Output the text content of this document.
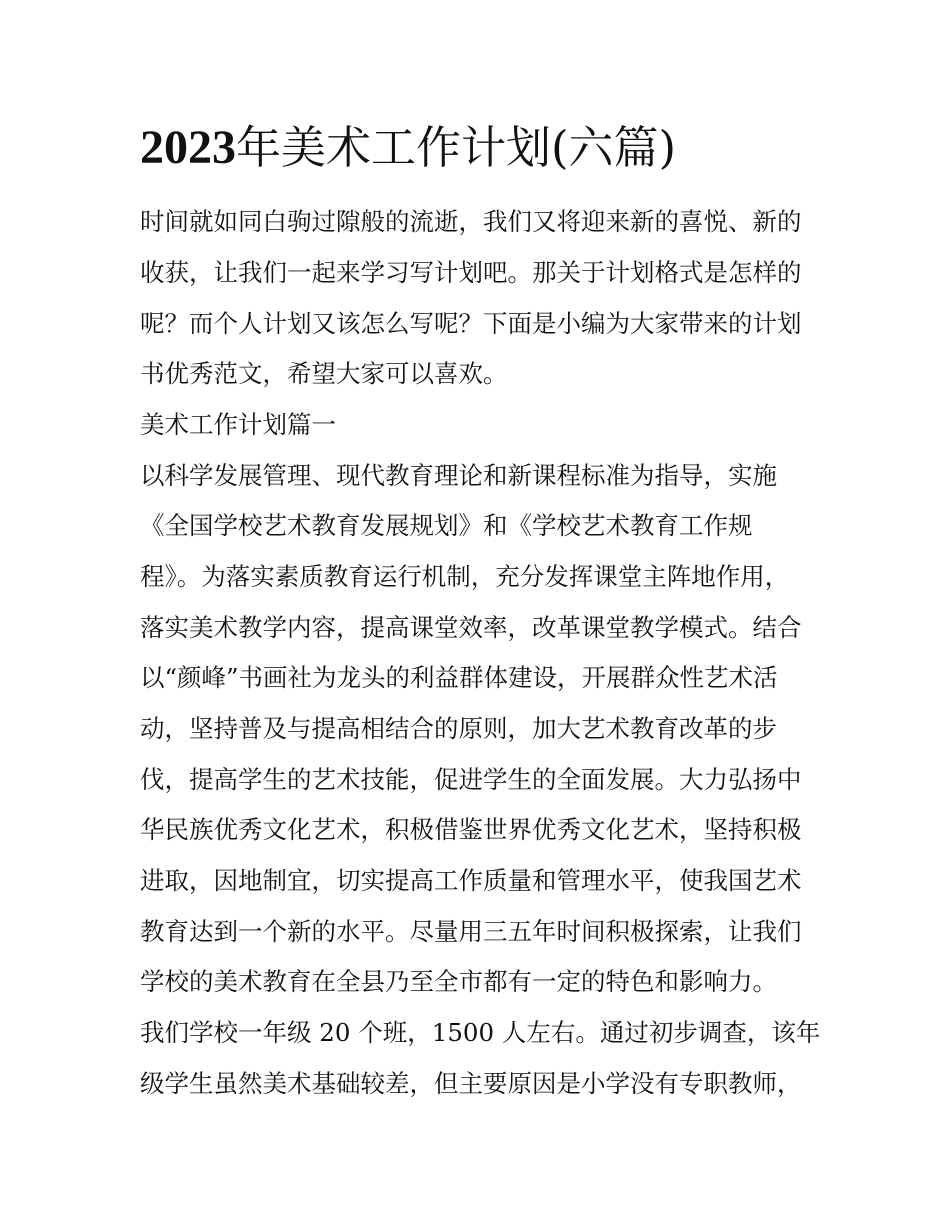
2023年美术工作计划(六篇)

时间就如同白驹过隙般的流逝，我们又将迎来新的喜悦、新的

收获，让我们一起来学习写计划吧。那关于计划格式是怎样的

呢？而个人计划又该怎么写呢？下面是小编为大家带来的计划

书优秀范文，希望大家可以喜欢。

美术工作计划篇一

以科学发展管理、现代教育理论和新课程标准为指导，实施

《全国学校艺术教育发展规划》和《学校艺术教育工作规

程》。为落实素质教育运行机制，充分发挥课堂主阵地作用，

落实美术教学内容，提高课堂效率，改革课堂教学模式。结合

以“颜峰”书画社为龙头的利益群体建设，开展群众性艺术活

动，坚持普及与提高相结合的原则，加大艺术教育改革的步

伐，提高学生的艺术技能，促进学生的全面发展。大力弘扬中

华民族优秀文化艺术，积极借鉴世界优秀文化艺术，坚持积极

进取，因地制宜，切实提高工作质量和管理水平，使我国艺术

教育达到一个新的水平。尽量用三五年时间积极探索，让我们

学校的美术教育在全县乃至全市都有一定的特色和影响力。

我们学校一年级 20 个班，1500 人左右。通过初步调查，该年

级学生虽然美术基础较差，但主要原因是小学没有专职教师，
